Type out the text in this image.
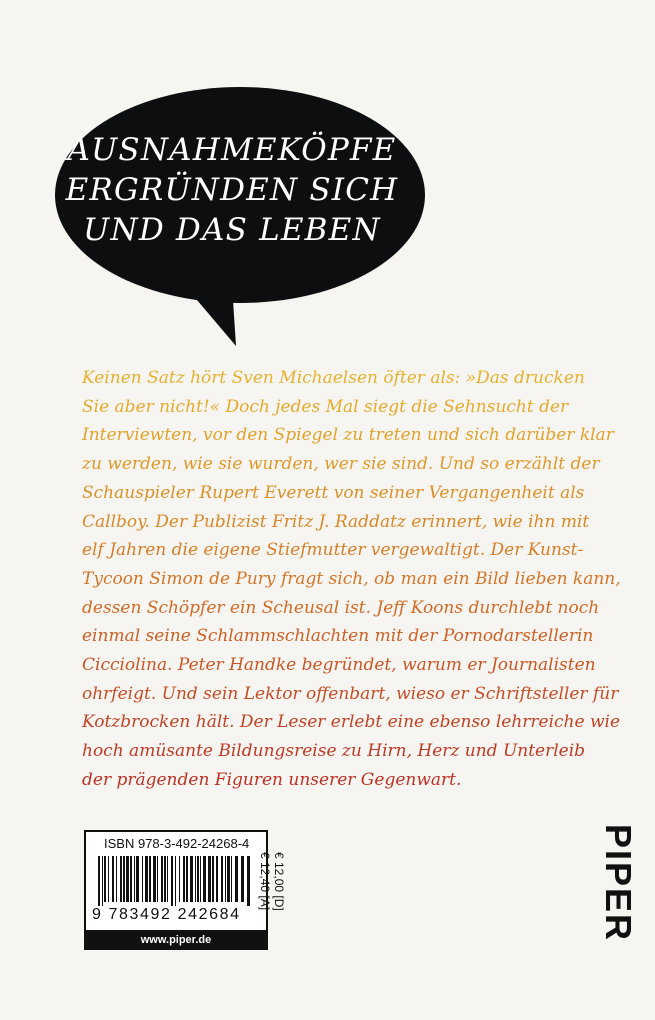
AUSNAHMEKÖPFE
ERGRÜNDEN SICH
UND DAS LEBEN
Keinen Satz hört Sven Michaelsen öfter als: »Das drucken
Sie aber nicht!« Doch jedes Mal siegt die Sehnsucht der
Interviewten, vor den Spiegel zu treten und sich darüber klar
zu werden, wie sie wurden, wer sie sind. Und so erzählt der
Schauspieler Rupert Everett von seiner Vergangenheit als
Callboy. Der Publizist Fritz J. Raddatz erinnert, wie ihn mit
elf Jahren die eigene Stiefmutter vergewaltigt. Der Kunst-
Tycoon Simon de Pury fragt sich, ob man ein Bild lieben kann,
dessen Schöpfer ein Scheusal ist. Jeff Koons durchlebt noch
einmal seine Schlammschlachten mit der Pornodarstellerin
Cicciolina. Peter Handke begründet, warum er Journalisten
ohrfeigt. Und sein Lektor offenbart, wieso er Schriftsteller für
Kotzbrocken hält. Der Leser erlebt eine ebenso lehrreiche wie
hoch amüsante Bildungsreise zu Hirn, Herz und Unterleib
der prägenden Figuren unserer Gegenwart.
ISBN 978-3-492-24268-4
9 783492 242684
www.piper.de
€ 12,00 [D]
€ 12,40 [A]	PIPER
